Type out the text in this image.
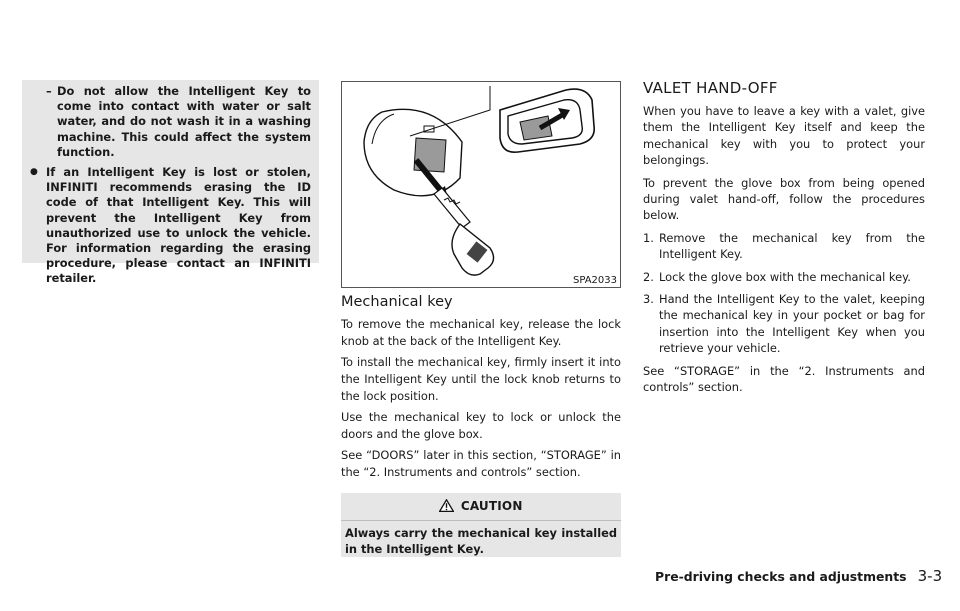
– Do not allow the Intelligent Key to come into contact with water or salt water, and do not wash it in a washing machine. This could affect the system function.

● If an Intelligent Key is lost or stolen, INFINITI recommends erasing the ID code of that Intelligent Key. This will prevent the Intelligent Key from unauthorized use to unlock the vehicle. For information regarding the erasing procedure, please contact an INFINITI retailer.	SPA2033
Mechanical key

To remove the mechanical key, release the lock knob at the back of the Intelligent Key.

To install the mechanical key, firmly insert it into the Intelligent Key until the lock knob returns to the lock position.

Use the mechanical key to lock or unlock the doors and the glove box.

See “DOORS” later in this section, “STORAGE” in the “2. Instruments and controls” section.

CAUTION

Always carry the mechanical key installed in the Intelligent Key.

VALET HAND-OFF

When you have to leave a key with a valet, give them the Intelligent Key itself and keep the mechanical key with you to protect your belongings.

To prevent the glove box from being opened during valet hand-off, follow the procedures below.

1. Remove the mechanical key from the Intelligent Key.
2. Lock the glove box with the mechanical key.
3. Hand the Intelligent Key to the valet, keeping the mechanical key in your pocket or bag for insertion into the Intelligent Key when you retrieve your vehicle.

See “STORAGE” in the “2. Instruments and controls” section.

Pre-driving checks and adjustments 3-3
